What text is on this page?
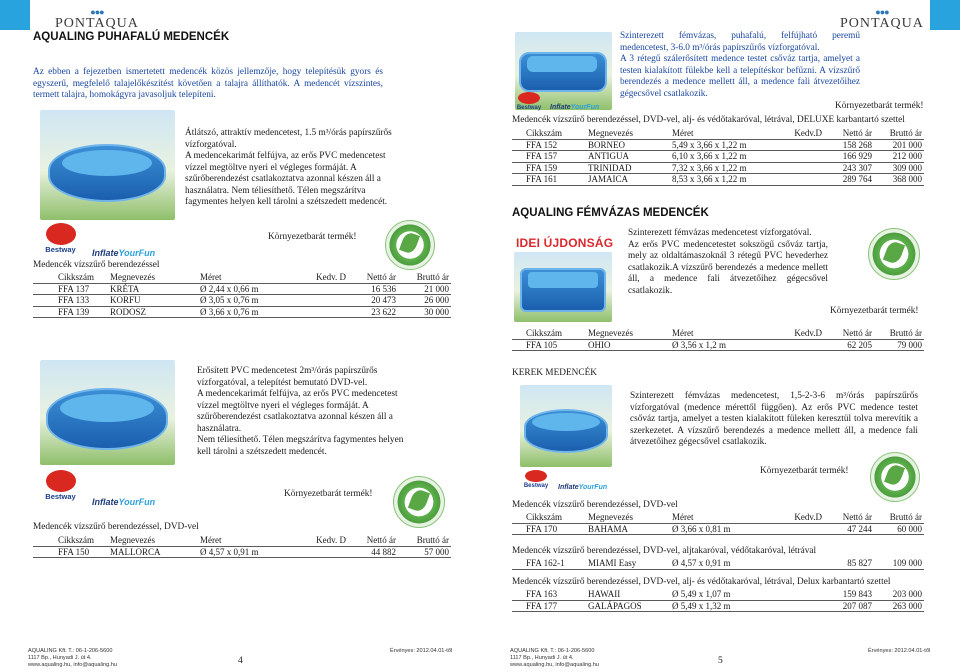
●●●
PONTAQUA
AQUALING PUHAFALÚ MEDENCÉK
Az ebben a fejezetben ismertetett medencék közös jellemzője, hogy telepítésük gyors és egyszerű, megfelelő talajelőkészítést követően a talajra állíthatók. A medencét vízszintes, termett talajra, homokágyra javasoljuk telepíteni.
Átlátszó, attraktív medencetest, 1.5 m³/órás papírszűrős vízforgatóval.
A medencekarimát felfújva, az erős PVC medencetest vízzel megtöltve nyeri el végleges formáját. A szűrőberendezést csatlakoztatva azonnal készen áll a használatra. Nem téliesíthető. Télen megszárítva fagymentes helyen kell tárolni a szétszedett medencét.
Környezetbarát termék!
Bestway	InflateYourFun
Medencék vízszűrő berendezéssel
Cikkszám	Megnevezés	Méret	Kedv. D	Nettó ár	Bruttó ár
FFA 137	KRÉTA	Ø 2,44 x 0,66 m		16 536	21 000
FFA 133	KORFU	Ø 3,05 x 0,76 m		20 473	26 000
FFA 139	RODOSZ	Ø 3,66 x 0,76 m		23 622	30 000
Erősített PVC medencetest 2m³/órás papírszűrős vízforgatóval, a telepítést bemutató DVD-vel.
A medencekarimát felfújva, az erős PVC medencetest vízzel megtöltve nyeri el végleges formáját. A szűrőberendezést csatlakoztatva azonnal készen áll a használatra.
Nem téliesíthető. Télen megszárítva fagymentes helyen kell tárolni a szétszedett medencét.
Bestway
InflateYourFun
Környezetbarát termék!
Medencék vízszűrő berendezéssel, DVD-vel
Cikkszám	Megnevezés	Méret	Kedv. D	Nettó ár	Bruttó ár
FFA 150	MALLORCA	Ø 4,57 x 0,91 m		44 882	57 000
AQUALING Kft. T.: 06-1-206-5600
1117 Bp., Hunyadi J. út 4.
www.aqualing.hu, info@aqualing.hu
Érvényes: 2012.04.01-től
4
●●●
PONTAQUA
Bestway	InflateYourFun
Szinterezett fémvázas, puhafalú, felfújható peremű medencetest, 3-6.0 m³/órás papírszűrős vízforgatóval.
A 3 rétegű szálerősített medence testet csőváz tartja, amelyet a testen kialakított fülekbe kell a telepítéskor befűzni. A vízszűrő berendezés a medence mellett áll, a medence fali átvezetőihez gégecsővel csatlakozik.
Környezetbarát termék!
Medencék vízszűrő berendezéssel, DVD-vel, alj- és védőtakaróval, létrával, DELUXE karbantartó szettel
Cikkszám	Megnevezés	Méret	Kedv.D	Nettó ár	Bruttó ár
FFA 152	BORNEO	5,49 x 3,66 x 1,22 m		158 268	201 000
FFA 157	ANTIGUA	6,10 x 3,66 x 1,22 m		166 929	212 000
FFA 159	TRINIDAD	7,32 x 3,66 x 1,22 m		243 307	309 000
FFA 161	JAMAICA	8,53 x 3,66 x 1,22 m		289 764	368 000
AQUALING FÉMVÁZAS MEDENCÉK
IDEI ÚJDONSÁG
Szinterezett fémvázas medencetest vízforgatóval.
Az erős PVC medencetestet sokszögű csőváz tartja, mely az oldaltámaszoknál 3 rétegű PVC hevederhez csatlakozik.A vízszűrő berendezés a medence mellett áll, a medence fali átvezetőihez gégecsővel csatlakozik.
Környezetbarát termék!
Cikkszám	Megnevezés	Méret	Kedv.D	Nettó ár	Bruttó ár
FFA 105	OHIO	Ø 3,56 x 1,2 m		62 205	79 000
KEREK MEDENCÉK
Bestway	InflateYourFun
Szinterezett fémvázas medencetest, 1,5-2-3-6 m³/órás papírszűrős vízforgatóval (medence mérettől függően). Az erős PVC medence testet csőváz tartja, amelyet a testen kialakított füleken keresztül tolva merevítik a szerkezetet. A vízszűrő berendezés a medence mellett áll, a medence fali átvezetőihez gégecsővel csatlakozik.
Környezetbarát termék!
Medencék vízszűrő berendezéssel, DVD-vel
Cikkszám	Megnevezés	Méret	Kedv.D	Nettó ár	Bruttó ár
FFA 170	BAHAMA	Ø 3,66 x 0,81 m		47 244	60 000
Medencék vízszűrő berendezéssel, DVD-vel, aljtakaróval, védőtakaróval, létrával
FFA 162-1	MIAMI Easy	Ø 4,57 x 0,91 m		85 827	109 000
Medencék vízszűrő berendezéssel, DVD-vel, alj- és védőtakaróval, létrával, Delux karbantartó szettel
FFA 163	HAWAII	Ø 5,49 x 1,07 m		159 843	203 000
FFA 177	GALÁPAGOS	Ø 5,49 x 1,32 m		207 087	263 000
AQUALING Kft. T.: 06-1-206-5600
1117 Bp., Hunyadi J. út 4.
www.aqualing.hu, info@aqualing.hu
Érvényes: 2012.04.01-től
5
